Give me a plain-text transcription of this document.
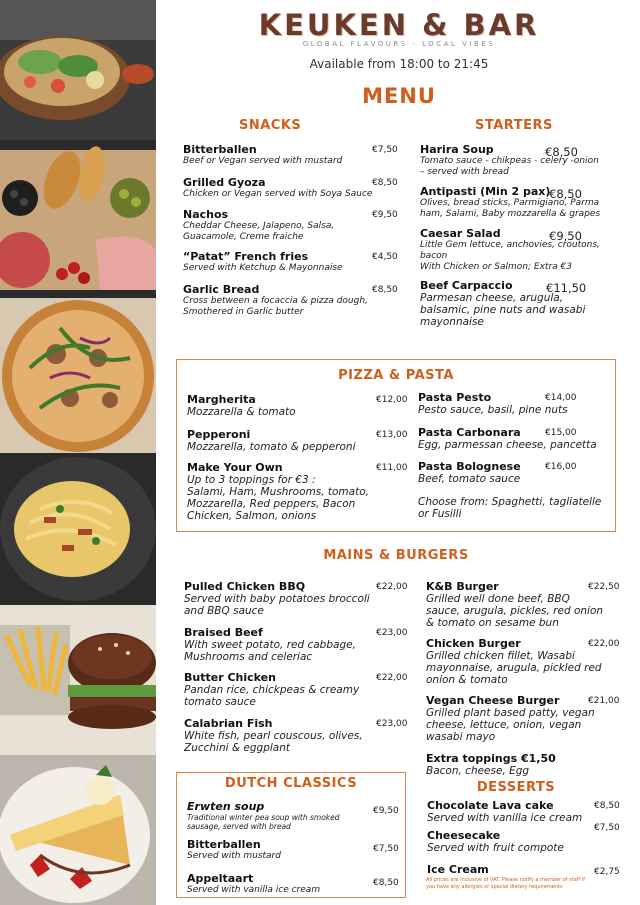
KEUKEN & BAR
GLOBAL FLAVOURS - LOCAL VIBES
Available from 18:00 to 21:45
MENU
SNACKS
Bitterballen
Beef or Vegan served with mustard
€7,50
Grilled Gyoza
Chicken or Vegan served with Soya Sauce
€8,50
Nachos
Cheddar Cheese, Jalapeno, Salsa,
Guacamole, Creme fraiche
€9,50
“Patat” French fries
Served with Ketchup & Mayonnaise
€4,50
Garlic Bread
Cross between a focaccia & pizza dough,
Smothered in Garlic butter
€8,50
STARTERS
Harira Soup
Tomato sauce - chikpeas - celery -onion
– served with bread
€8,50
Antipasti (Min 2 pax)
Olives, bread sticks, Parmigiano, Parma
ham, Salami, Baby mozzarella & grapes
€8,50
Caesar Salad
Little Gem lettuce, anchovies, croutons,
bacon
With Chicken or Salmon; Extra €3
€9,50
Beef Carpaccio
Parmesan cheese, arugula,
balsamic, pine nuts and wasabi
mayonnaise
€11,50
PIZZA & PASTA
Margherita
Mozzarella & tomato
€12,00
Pepperoni
Mozzarella, tomato & pepperoni
€13,00
Make Your Own
Up to 3 toppings for €3 :
Salami, Ham, Mushrooms, tomato,
Mozzarella, Red peppers, Bacon
Chicken, Salmon, onions
€11,00
Pasta Pesto
Pesto sauce, basil, pine nuts
€14,00
Pasta Carbonara
Egg, parmessan cheese, pancetta
€15,00
Pasta Bolognese
Beef, tomato sauce
€16,00
Choose from: Spaghetti, tagliatelle
or Fusilli
MAINS & BURGERS
Pulled Chicken BBQ
Served with baby potatoes broccoli
and BBQ sauce
€22,00
Braised Beef
With sweet potato, red cabbage,
Mushrooms and celeriac
€23,00
Butter Chicken
Pandan rice, chickpeas & creamy
tomato sauce
€22,00
Calabrian Fish
White fish, pearl couscous, olives,
Zucchini & eggplant
€23,00
K&B Burger
Grilled well done beef, BBQ
sauce, arugula, pickles, red onion
& tomato on sesame bun
€22,50
Chicken Burger
Grilled chicken fillet, Wasabi
mayonnaise, arugula, pickled red
onion & tomato
€22,00
Vegan Cheese Burger
Grilled plant based patty, vegan
cheese, lettuce, onion, vegan
wasabi mayo
€21,00
Extra toppings €1,50
Bacon, cheese, Egg
DUTCH CLASSICS
Erwten soup
Traditional winter pea soup with smoked
sausage, served with bread
€9,50
Bitterballen
Served with mustard
€7,50
Appeltaart
Served with vanilla ice cream
€8,50
DESSERTS
Chocolate Lava cake
Served with vanilla ice cream
€8,50
Cheesecake
Served with fruit compote
€7,50
Ice Cream	€2,75
All prices are inclusive of VAT. Please notify a member of staff if
you have any allergies or special dietary requirements
